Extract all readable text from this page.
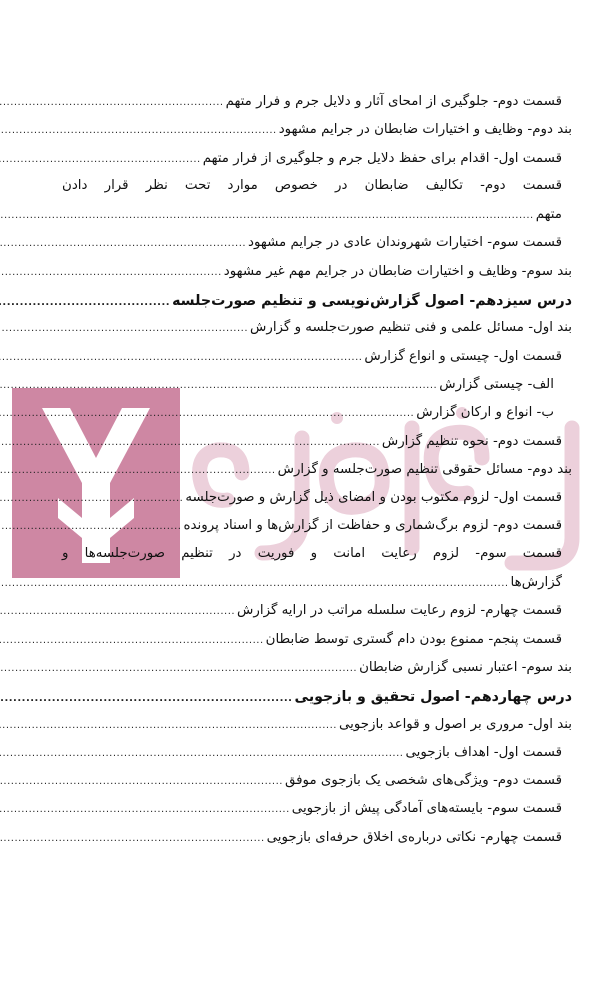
قسمت دوم- جلوگیری از امحای آثار و دلایل جرم و فرار متهم
.....
بند دوم- وظایف و اختیارات ضابطان در جرایم مشهود
.....
قسمت اول- اقدام برای حفظ دلایل جرم و جلوگیری از فرار متهم
.....
قسمت دوم- تکالیف ضابطان در خصوص موارد تحت نظر قرار دادن
متهم
.....
قسمت سوم- اختیارات شهروندان عادی در جرایم مشهود
.....
بند سوم- وظایف و اختیارات ضابطان در جرایم مهم غیر مشهود
.....
درس سیزدهم- اصول گزارش‌نویسی و تنظیم صورت‌جلسه
.....
بند اول- مسائل علمی و فنی تنظیم صورت‌جلسه و گزارش
.....
قسمت اول- چیستی و انواع گزارش
.....
الف- چیستی گزارش
.....
ب- انواع و ارکان گزارش
.....
قسمت دوم- نحوه تنظیم گزارش
.....
بند دوم- مسائل حقوقی تنظیم صورت‌جلسه و گزارش
.....
قسمت اول- لزوم مکتوب بودن و امضای ذیل گزارش و صورت‌جلسه
.....
قسمت دوم- لزوم برگ‌شماری و حفاظت از گزارش‌ها و اسناد پرونده
.....
قسمت سوم- لزوم رعایت امانت و فوریت در تنظیم صورت‌جلسه‌ها و
گزارش‌ها
.....
قسمت چهارم- لزوم رعایت سلسله مراتب در ارایه گزارش
.....
قسمت پنجم- ممنوع بودن دام گستری توسط ضابطان
.....
بند سوم- اعتبار نسبی گزارش ضابطان
.....
درس چهاردهم- اصول تحقیق و بازجویی
.....
بند اول- مروری بر اصول و قواعد بازجویی
.....
قسمت اول- اهداف بازجویی
.....
قسمت دوم- ویژگی‌های شخصی یک بازجوی موفق
.....
قسمت سوم- بایسته‌های آمادگی پیش از بازجویی
.....
قسمت چهارم- نکاتی درباره‌ی اخلاق حرفه‌ای بازجویی
.....
